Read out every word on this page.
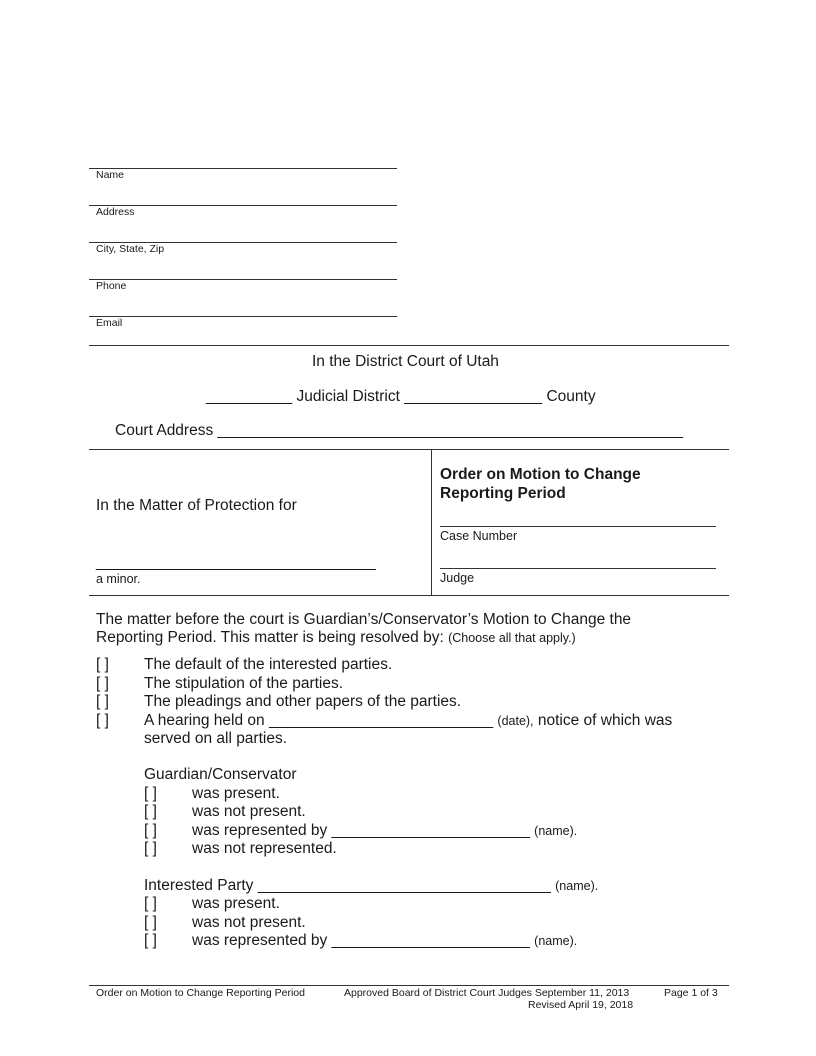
Name
Address
City, State, Zip
Phone
Email
In the District Court of Utah
__________ Judicial District ________________ County
Court Address ______________________________________________________
In the Matter of Protection for
__________________________________
a minor.
Order on Motion to Change
Reporting Period
Case Number
Judge
The matter before the court is Guardian’s/Conservator’s Motion to Change the
Reporting Period. This matter is being resolved by: (Choose all that apply.)
[ ] The default of the interested parties.
[ ] The stipulation of the parties.
[ ] The pleadings and other papers of the parties.
[ ] A hearing held on __________________________ (date), notice of which was
served on all parties.
Guardian/Conservator
[ ] was present.
[ ] was not present.
[ ] was represented by _______________________ (name).
[ ] was not represented.
Interested Party __________________________________ (name).
[ ] was present.
[ ] was not present.
[ ] was represented by _______________________ (name).
Order on Motion to Change Reporting Period	Approved Board of District Court Judges September 11, 2013
Revised April 19, 2018
Page 1 of 3
